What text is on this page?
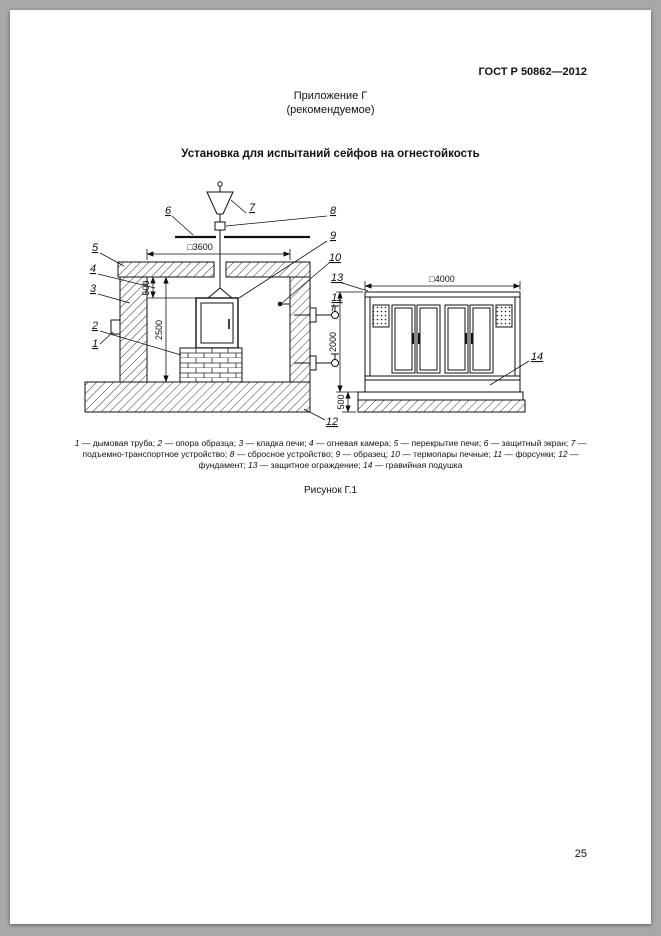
ГОСТ Р 50862—2012
Приложение Г
(рекомендуемое)
Установка для испытаний сейфов на огнестойкость
□3600
500
2500
□4000
2000
500
6	7	8
9
10
13
11
5
4
3
2
1
12
14
1 — дымовая труба; 2 — опора образца; 3 — кладка печи; 4 — огневая камера; 5 — перекрытие печи; 6 — защитный экран; 7 — подъемно-транспортное устройство; 8 — сбросное устройство; 9 — образец; 10 — термопары печные; 11 — форсунки; 12 — фундамент; 13 — защитное ограждение; 14 — гравийная подушка
Рисунок Г.1
25
